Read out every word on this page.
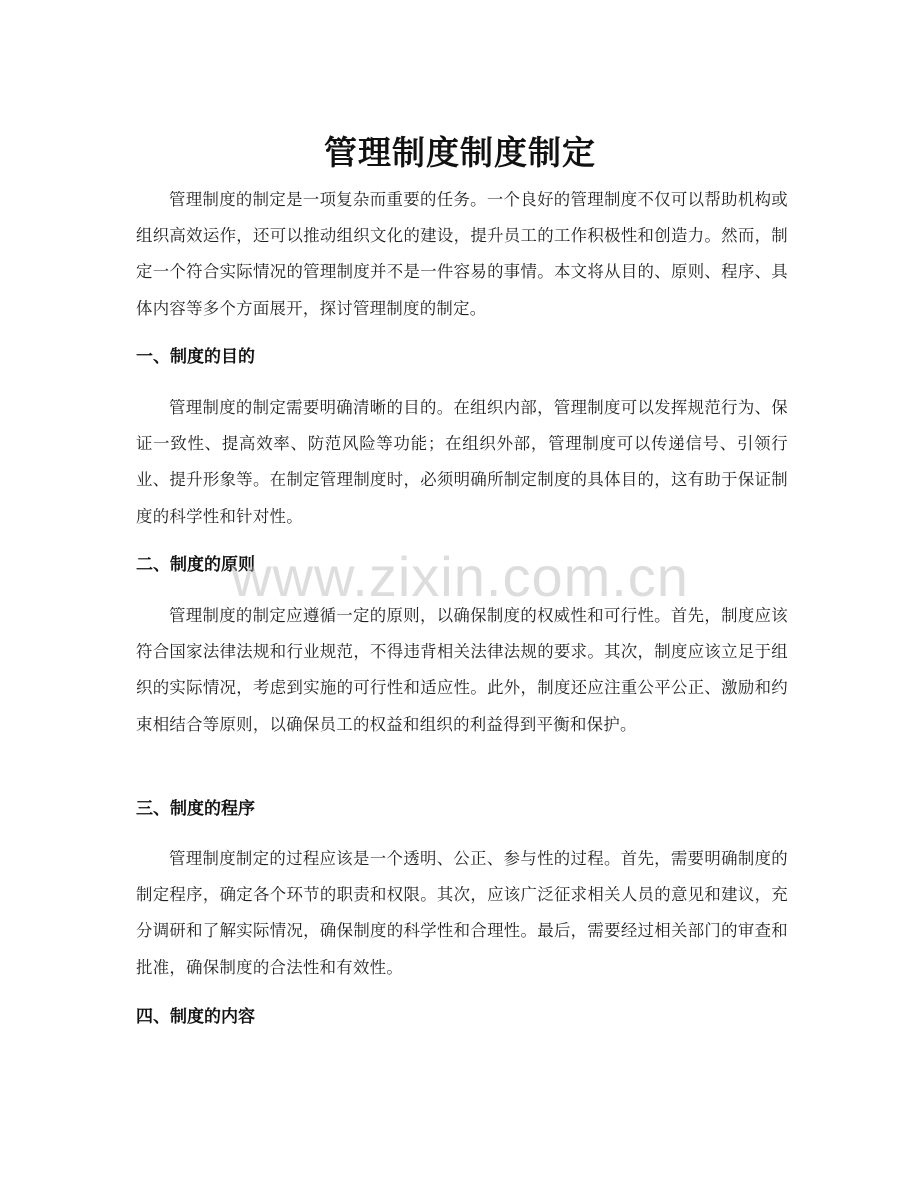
管理制度制度制定

管理制度的制定是一项复杂而重要的任务。一个良好的管理制度不仅可以帮助机构或组织高效运作，还可以推动组织文化的建设，提升员工的工作积极性和创造力。然而，制定一个符合实际情况的管理制度并不是一件容易的事情。本文将从目的、原则、程序、具体内容等多个方面展开，探讨管理制度的制定。

一、制度的目的

管理制度的制定需要明确清晰的目的。在组织内部，管理制度可以发挥规范行为、保证一致性、提高效率、防范风险等功能；在组织外部，管理制度可以传递信号、引领行业、提升形象等。在制定管理制度时，必须明确所制定制度的具体目的，这有助于保证制度的科学性和针对性。

二、制度的原则

管理制度的制定应遵循一定的原则，以确保制度的权威性和可行性。首先，制度应该符合国家法律法规和行业规范，不得违背相关法律法规的要求。其次，制度应该立足于组织的实际情况，考虑到实施的可行性和适应性。此外，制度还应注重公平公正、激励和约束相结合等原则，以确保员工的权益和组织的利益得到平衡和保护。

三、制度的程序

管理制度制定的过程应该是一个透明、公正、参与性的过程。首先，需要明确制度的制定程序，确定各个环节的职责和权限。其次，应该广泛征求相关人员的意见和建议，充分调研和了解实际情况，确保制度的科学性和合理性。最后，需要经过相关部门的审查和批准，确保制度的合法性和有效性。

四、制度的内容
www.zixin.com.cn
